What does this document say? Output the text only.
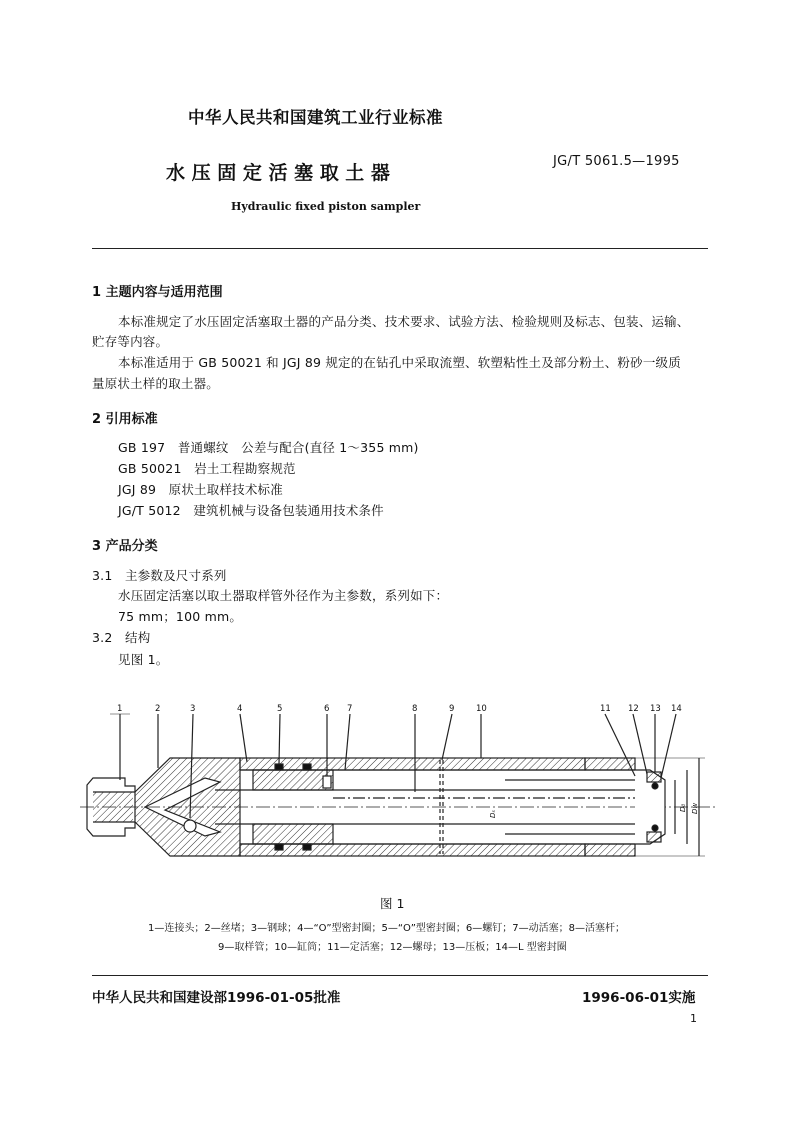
中华人民共和国建筑工业行业标准
水 压 固 定 活 塞 取 土 器
JG/T 5061.5—1995
Hydraulic fixed piston sampler
1 主题内容与适用范围
本标准规定了水压固定活塞取土器的产品分类、技术要求、试验方法、检验规则及标志、包装、运输、
贮存等内容。
本标准适用于 GB 50021 和 JGJ 89 规定的在钻孔中采取流塑、软塑粘性土及部分粉土、粉砂一级质
量原状土样的取土器。
2 引用标准
GB 197   普通螺纹   公差与配合(直径 1～355 mm)
GB 50021   岩土工程勘察规范
JGJ 89   原状土取样技术标准
JG/T 5012   建筑机械与设备包装通用技术条件
3 产品分类
3.1   主参数及尺寸系列
水压固定活塞以取土器取样管外径作为主参数，系列如下：
75 mm；100 mm。
3.2   结构
见图 1。
1	2	3	4	5	6 7	8	9	10	11 12 13 14
Dₛ
D₀ Dw
图 1
1—连接头；2—丝堵；3—钢球；4—“O”型密封圈；5—“O”型密封圈；6—螺钉；7—动活塞；8—活塞杆；
9—取样管；10—缸筒；11—定活塞；12—螺母；13—压板；14—L 型密封圈
中华人民共和国建设部1996-01-05批准	1996-06-01实施
1
